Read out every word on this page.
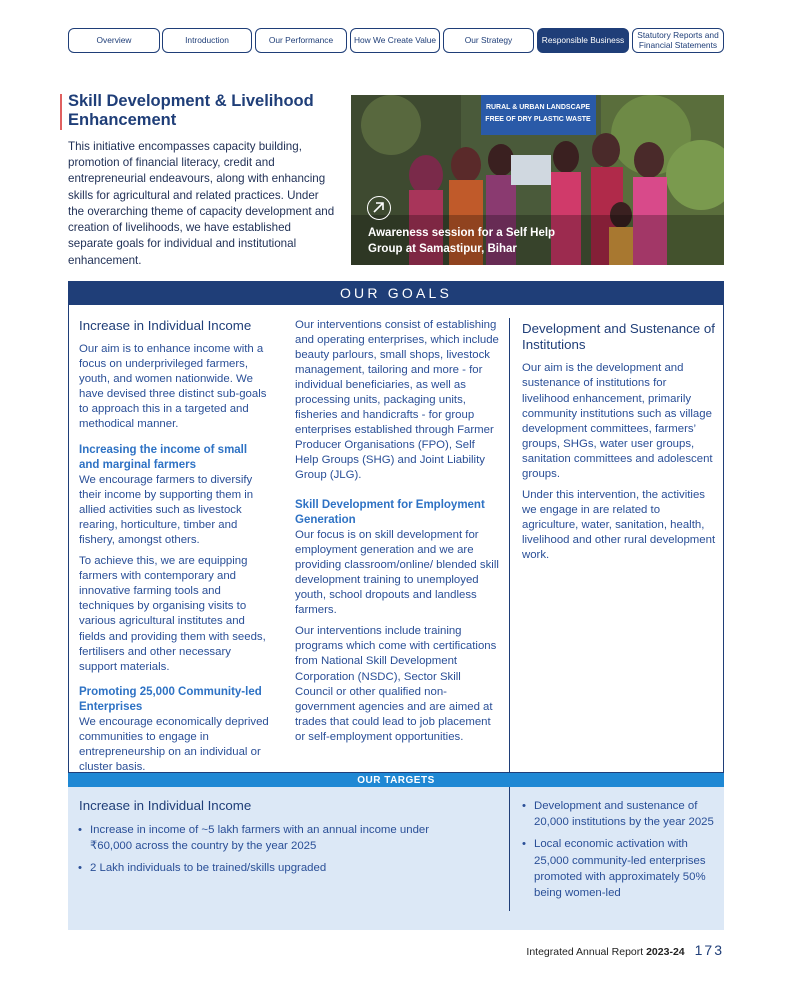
Overview	Introduction	Our Performance	How We Create Value	Our Strategy	Responsible Business	Statutory Reports and Financial Statements
Skill Development & Livelihood Enhancement

This initiative encompasses capacity building, promotion of financial literacy, credit and entrepreneurial endeavours, along with enhancing skills for agricultural and related practices. Under the overarching theme of capacity development and creation of livelihoods, we have established separate goals for individual and institutional enhancement.

RURAL & URBAN LANDSCAPE
FREE OF DRY PLASTIC WASTE
Awareness session for a Self Help Group at Samastipur, Bihar
OUR GOALS
Increase in Individual Income

Our aim is to enhance income with a focus on underprivileged farmers, youth, and women nationwide. We have devised three distinct sub-goals to approach this in a targeted and methodical manner.

Increasing the income of small and marginal farmers

We encourage farmers to diversify their income by supporting them in allied activities such as livestock rearing, horticulture, timber and fishery, amongst others.

To achieve this, we are equipping farmers with contemporary and innovative farming tools and techniques by organising visits to various agricultural institutes and fields and providing them with seeds, fertilisers and other necessary support materials.

Promoting 25,000 Community-led Enterprises

We encourage economically deprived communities to engage in entrepreneurship on an individual or cluster basis.

Our interventions consist of establishing and operating enterprises, which include beauty parlours, small shops, livestock management, tailoring and more - for individual beneficiaries, as well as processing units, packaging units, fisheries and handicrafts - for group enterprises established through Farmer Producer Organisations (FPO), Self Help Groups (SHG) and Joint Liability Group (JLG).

Skill Development for Employment Generation

Our focus is on skill development for employment generation and we are providing classroom/online/ blended skill development training to unemployed youth, school dropouts and landless farmers.

Our interventions include training programs which come with certifications from National Skill Development Corporation (NSDC), Sector Skill Council or other qualified non-government agencies and are aimed at trades that could lead to job placement or self-employment opportunities.

Development and Sustenance of Institutions

Our aim is the development and sustenance of institutions for livelihood enhancement, primarily community institutions such as village development committees, farmers’ groups, SHGs, water user groups, sanitation committees and adolescent groups.

Under this intervention, the activities we engage in are related to agriculture, water, sanitation, health, livelihood and other rural development work.

OUR TARGETS
Increase in Individual Income
• Increase in income of ~5 lakh farmers with an annual income under ₹60,000 across the country by the year 2025
• 2 Lakh individuals to be trained/skills upgraded
• Development and sustenance of 20,000 institutions by the year 2025
• Local economic activation with 25,000 community-led enterprises promoted with approximately 50% being women-led
Integrated Annual Report 2023-24 173
